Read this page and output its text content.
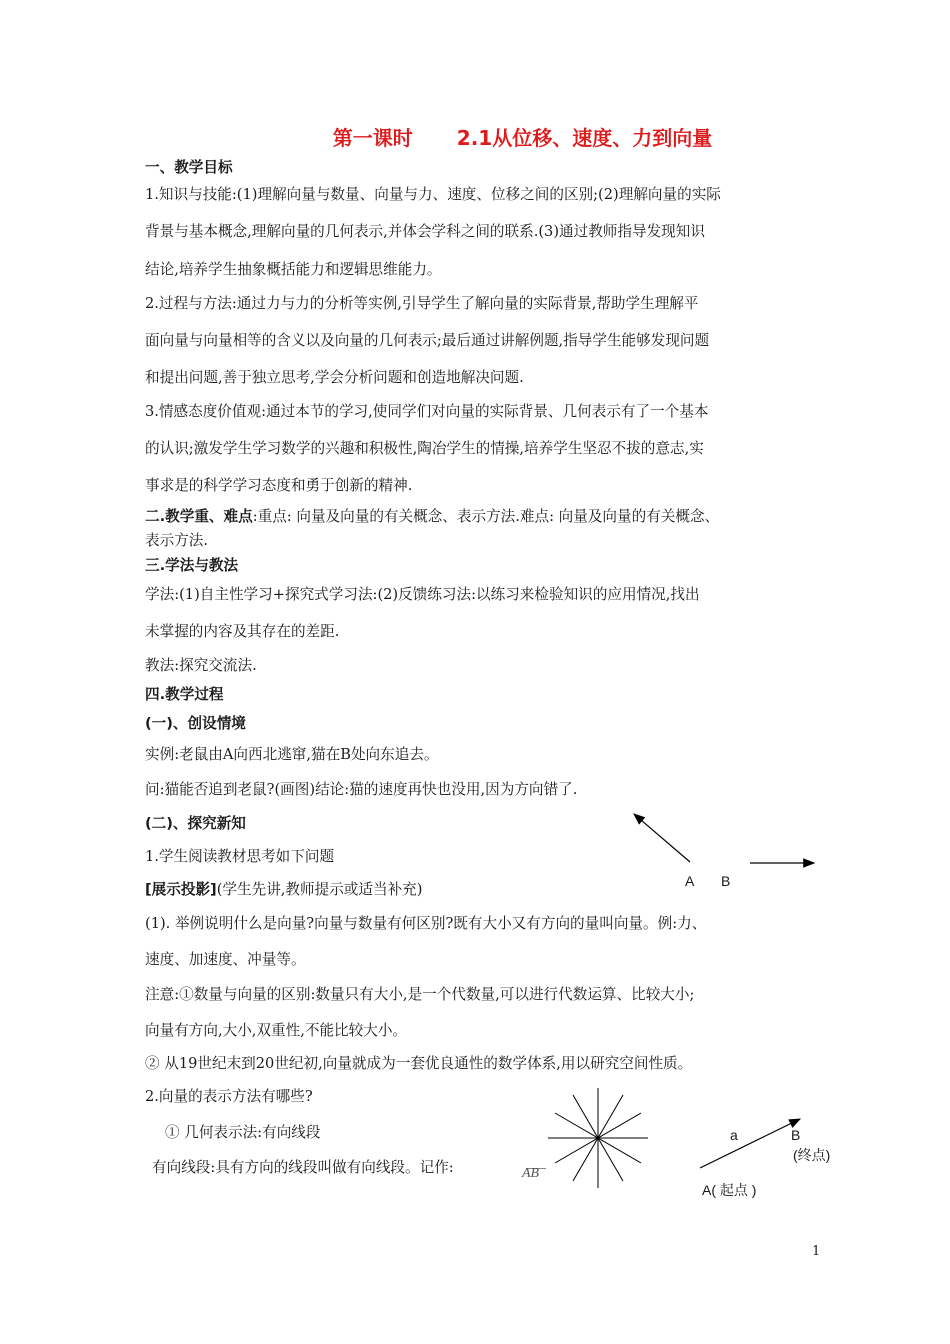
第一课时 2.1从位移、速度、力到向量
一、教学目标
1.知识与技能:(1)理解向量与数量、向量与力、速度、位移之间的区别;(2)理解向量的实际
背景与基本概念,理解向量的几何表示,并体会学科之间的联系.(3)通过教师指导发现知识
结论,培养学生抽象概括能力和逻辑思维能力。
2.过程与方法:通过力与力的分析等实例,引导学生了解向量的实际背景,帮助学生理解平
面向量与向量相等的含义以及向量的几何表示;最后通过讲解例题,指导学生能够发现问题
和提出问题,善于独立思考,学会分析问题和创造地解决问题.
3.情感态度价值观:通过本节的学习,使同学们对向量的实际背景、几何表示有了一个基本
的认识;激发学生学习数学的兴趣和积极性,陶冶学生的情操,培养学生坚忍不拔的意志,实
事求是的科学学习态度和勇于创新的精神.
二.教学重、难点:重点: 向量及向量的有关概念、表示方法.难点: 向量及向量的有关概念、
表示方法.
三.学法与教法
学法:(1)自主性学习+探究式学习法:(2)反馈练习法:以练习来检验知识的应用情况,找出
未掌握的内容及其存在的差距.
教法:探究交流法.
四.教学过程
(一)、创设情境
实例:老鼠由A向西北逃窜,猫在B处向东追去。
问:猫能否追到老鼠?(画图)结论:猫的速度再快也没用,因为方向错了.
(二)、探究新知
1.学生阅读教材思考如下问题
[展示投影](学生先讲,教师提示或适当补充)
(1). 举例说明什么是向量?向量与数量有何区别?既有大小又有方向的量叫向量。例:力、
速度、加速度、冲量等。
注意:①数量与向量的区别:数量只有大小,是一个代数量,可以进行代数运算、比较大小;
向量有方向,大小,双重性,不能比较大小。
② 从19世纪末到20世纪初,向量就成为一套优良通性的数学体系,用以研究空间性质。
2.向量的表示方法有哪些?
① 几何表示法:有向线段
有向线段:具有方向的线段叫做有向线段。记作:	AB
A B
a	B
(终点)
A( 起点 )
1
